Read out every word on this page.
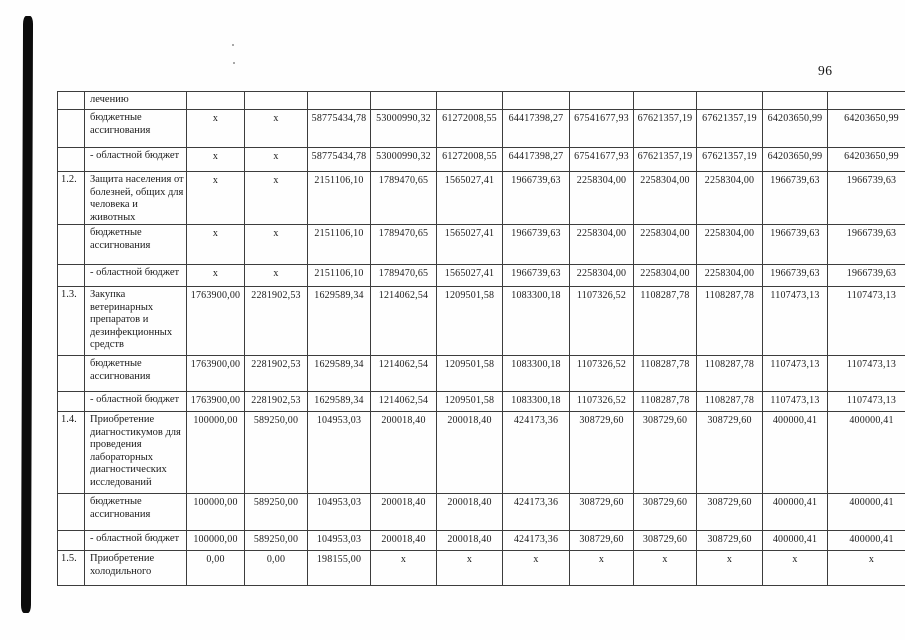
96
	лечению											
	бюджетные ассигнования	x	x	58775434,78	53000990,32	61272008,55	64417398,27	67541677,93	67621357,19	67621357,19	64203650,99	64203650,99
	- областной бюджет	x	x	58775434,78	53000990,32	61272008,55	64417398,27	67541677,93	67621357,19	67621357,19	64203650,99	64203650,99
1.2.	Защита населения от болезней, общих для человека и животных	x	x	2151106,10	1789470,65	1565027,41	1966739,63	2258304,00	2258304,00	2258304,00	1966739,63	1966739,63
	бюджетные ассигнования	x	x	2151106,10	1789470,65	1565027,41	1966739,63	2258304,00	2258304,00	2258304,00	1966739,63	1966739,63
	- областной бюджет	x	x	2151106,10	1789470,65	1565027,41	1966739,63	2258304,00	2258304,00	2258304,00	1966739,63	1966739,63
1.3.	Закупка ветеринарных препаратов и дезинфекционных средств	1763900,00	2281902,53	1629589,34	1214062,54	1209501,58	1083300,18	1107326,52	1108287,78	1108287,78	1107473,13	1107473,13
	бюджетные ассигнования	1763900,00	2281902,53	1629589,34	1214062,54	1209501,58	1083300,18	1107326,52	1108287,78	1108287,78	1107473,13	1107473,13
	- областной бюджет	1763900,00	2281902,53	1629589,34	1214062,54	1209501,58	1083300,18	1107326,52	1108287,78	1108287,78	1107473,13	1107473,13
1.4.	Приобретение диагностикумов для проведения лабораторных диагностических исследований	100000,00	589250,00	104953,03	200018,40	200018,40	424173,36	308729,60	308729,60	308729,60	400000,41	400000,41
	бюджетные ассигнования	100000,00	589250,00	104953,03	200018,40	200018,40	424173,36	308729,60	308729,60	308729,60	400000,41	400000,41
	- областной бюджет	100000,00	589250,00	104953,03	200018,40	200018,40	424173,36	308729,60	308729,60	308729,60	400000,41	400000,41
1.5.	Приобретение холодильного	0,00	0,00	198155,00	x	x	x	x	x	x	x	x
